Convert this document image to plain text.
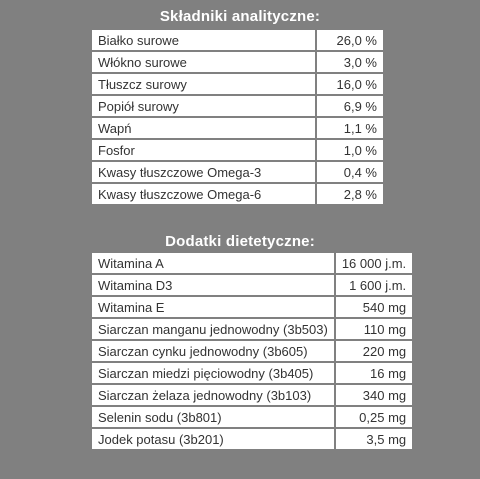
Składniki analityczne:
Białko surowe	26,0 %
Włókno surowe	3,0 %
Tłuszcz surowy	16,0 %
Popiół surowy	6,9 %
Wapń	1,1 %
Fosfor	1,0 %
Kwasy tłuszczowe Omega-3	0,4 %
Kwasy tłuszczowe Omega-6	2,8 %
Dodatki dietetyczne:
Witamina A	16 000 j.m.
Witamina D3	1 600 j.m.
Witamina E	540 mg
Siarczan manganu jednowodny (3b503)	110 mg
Siarczan cynku jednowodny (3b605)	220 mg
Siarczan miedzi pięciowodny (3b405)	16 mg
Siarczan żelaza jednowodny (3b103)	340 mg
Selenin sodu (3b801)	0,25 mg
Jodek potasu (3b201)	3,5 mg
